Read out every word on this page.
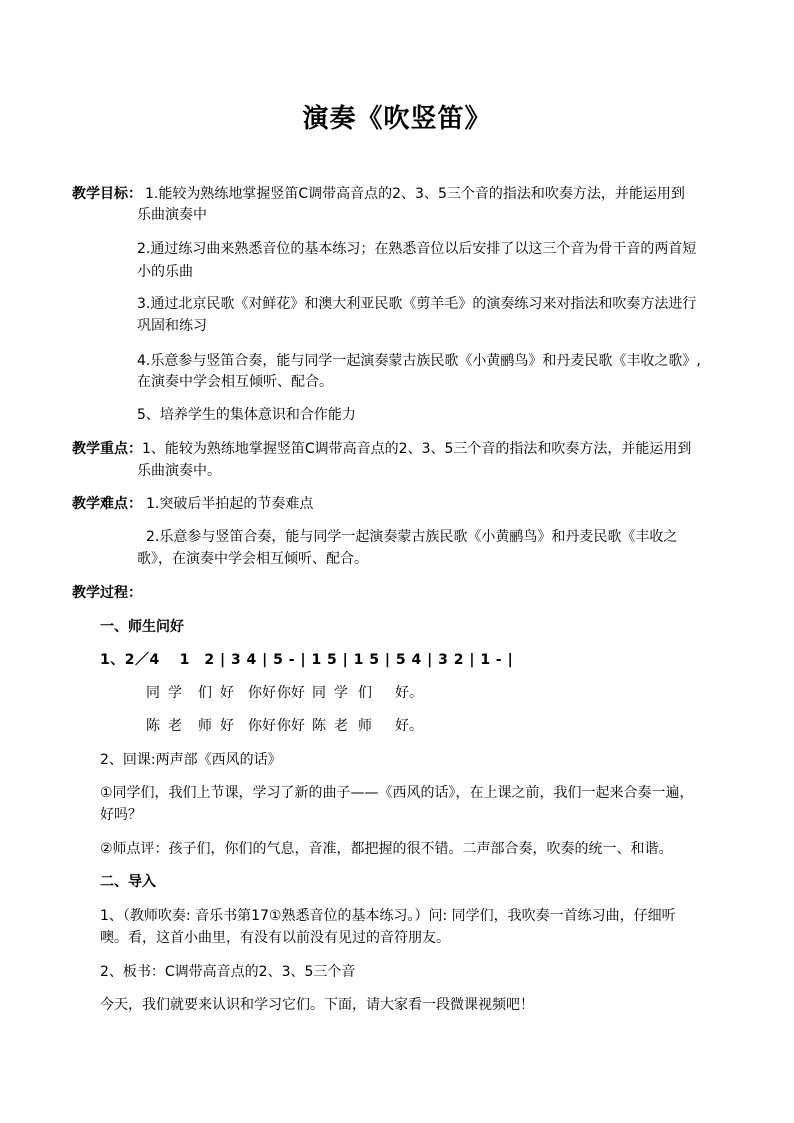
演奏《吹竖笛》
教学目标： 1.能较为熟练地掌握竖笛C调带高音点的2、3、5三个音的指法和吹奏方法，并能运用到
乐曲演奏中
2.通过练习曲来熟悉音位的基本练习；在熟悉音位以后安排了以这三个音为骨干音的两首短
小的乐曲
3.通过北京民歌《对鲜花》和澳大利亚民歌《剪羊毛》的演奏练习来对指法和吹奏方法进行
巩固和练习
4.乐意参与竖笛合奏，能与同学一起演奏蒙古族民歌《小黄鹂鸟》和丹麦民歌《丰收之歌》,
在演奏中学会相互倾听、配合。
5、培养学生的集体意识和合作能力
教学重点： 1、能较为熟练地掌握竖笛C调带高音点的2、3、5三个音的指法和吹奏方法，并能运用到
乐曲演奏中。
教学难点： 1.突破后半拍起的节奏难点
2.乐意参与竖笛合奏，能与同学一起演奏蒙古族民歌《小黄鹂鸟》和丹麦民歌《丰收之
歌》，在演奏中学会相互倾听、配合。
教学过程：
一、师生问好
1、2／4　 1　2 | 3 4 | 5 - | 1 5 | 1 5 | 5 4 | 3 2 | 1 - |
同 学 们 好 你好 你好 同 学 们 好。
陈 老 师 好 你好 你好 陈 老 师 好。
2、回课:两声部《西风的话》
①同学们，我们上节课，学习了新的曲子——《西风的话》，在上课之前，我们一起来合奏一遍，
好吗？
②师点评：孩子们，你们的气息，音准，都把握的很不错。二声部合奏，吹奏的统一、和谐。
二、导入
1、（教师吹奏: 音乐书第17①熟悉音位的基本练习。）问: 同学们，我吹奏一首练习曲，仔细听
噢。看，这首小曲里，有没有以前没有见过的音符朋友。
2、板书：C调带高音点的2、3、5三个音
今天，我们就要来认识和学习它们。下面，请大家看一段微课视频吧！
